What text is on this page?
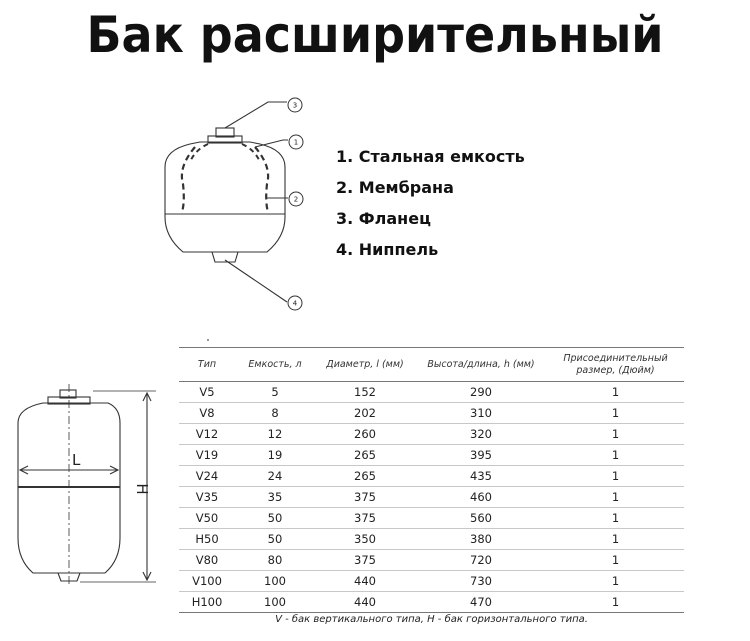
Бак расширительный
3
1
2
4
1. Стальная емкость
2. Мембрана
3. Фланец
4. Ниппель
L
H
Тип	Емкость, л	Диаметр, l (мм)	Высота/длина, h (мм)	Присоединительный размер, (Дюйм)
V5	5	152	290	1
V8	8	202	310	1
V12	12	260	320	1
V19	19	265	395	1
V24	24	265	435	1
V35	35	375	460	1
V50	50	375	560	1
H50	50	350	380	1
V80	80	375	720	1
V100	100	440	730	1
H100	100	440	470	1
V - бак вертикального типа, H - бак горизонтального типа.
